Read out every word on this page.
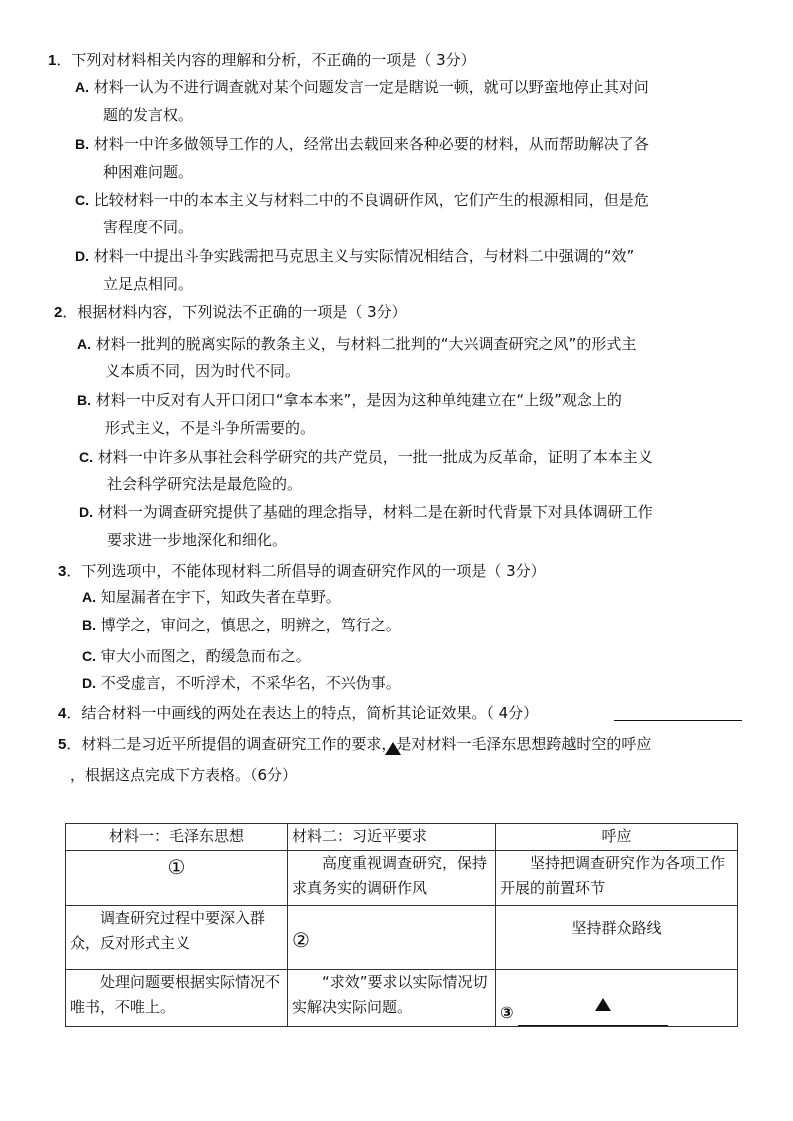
1．下列对材料相关内容的理解和分析，不正确的一项是（ 3分）
A. 材料一认为不进行调查就对某个问题发言一定是瞎说一顿，就可以野蛮地停止其对问
题的发言权。
B. 材料一中许多做领导工作的人，经常出去载回来各种必要的材料，从而帮助解决了各
种困难问题。
C. 比较材料一中的本本主义与材料二中的不良调研作风，它们产生的根源相同，但是危
害程度不同。
D. 材料一中提出斗争实践需把马克思主义与实际情况相结合，与材料二中强调的“效”
立足点相同。
2．根据材料内容，下列说法不正确的一项是（ 3分）
A. 材料一批判的脱离实际的教条主义，与材料二批判的“大兴调查研究之风”的形式主
义本质不同，因为时代不同。
B. 材料一中反对有人开口闭口“拿本本来”，是因为这种单纯建立在“上级”观念上的
形式主义，不是斗争所需要的。
C. 材料一中许多从事社会科学研究的共产党员，一批一批成为反革命，证明了本本主义
社会科学研究法是最危险的。
D. 材料一为调查研究提供了基础的理念指导，材料二是在新时代背景下对具体调研工作
要求进一步地深化和细化。
3．下列选项中，不能体现材料二所倡导的调查研究作风的一项是（ 3分）
A. 知屋漏者在宇下，知政失者在草野。
B. 博学之，审问之，慎思之，明辨之，笃行之。
C. 审大小而图之，酌缓急而布之。
D. 不受虚言，不听浮术，不采华名，不兴伪事。
4．结合材料一中画线的两处在表达上的特点，简析其论证效果。（ 4分）
5．材料二是习近平所提倡的调查研究工作的要求，是对材料一毛泽东思想跨越时空的呼应
，根据这点完成下方表格。（6分）
材料一：毛泽东思想	材料二：习近平要求	呼应

①	高度重视调查研究，保持求真务实的调研作风	坚持把调查研究作为各项工作开展的前置环节
调查研究过程中要深入群众，反对形式主义	②	坚持群众路线
处理问题要根据实际情况不唯书，不唯上。	“求效”要求以实际情况切实解决实际问题。	③
